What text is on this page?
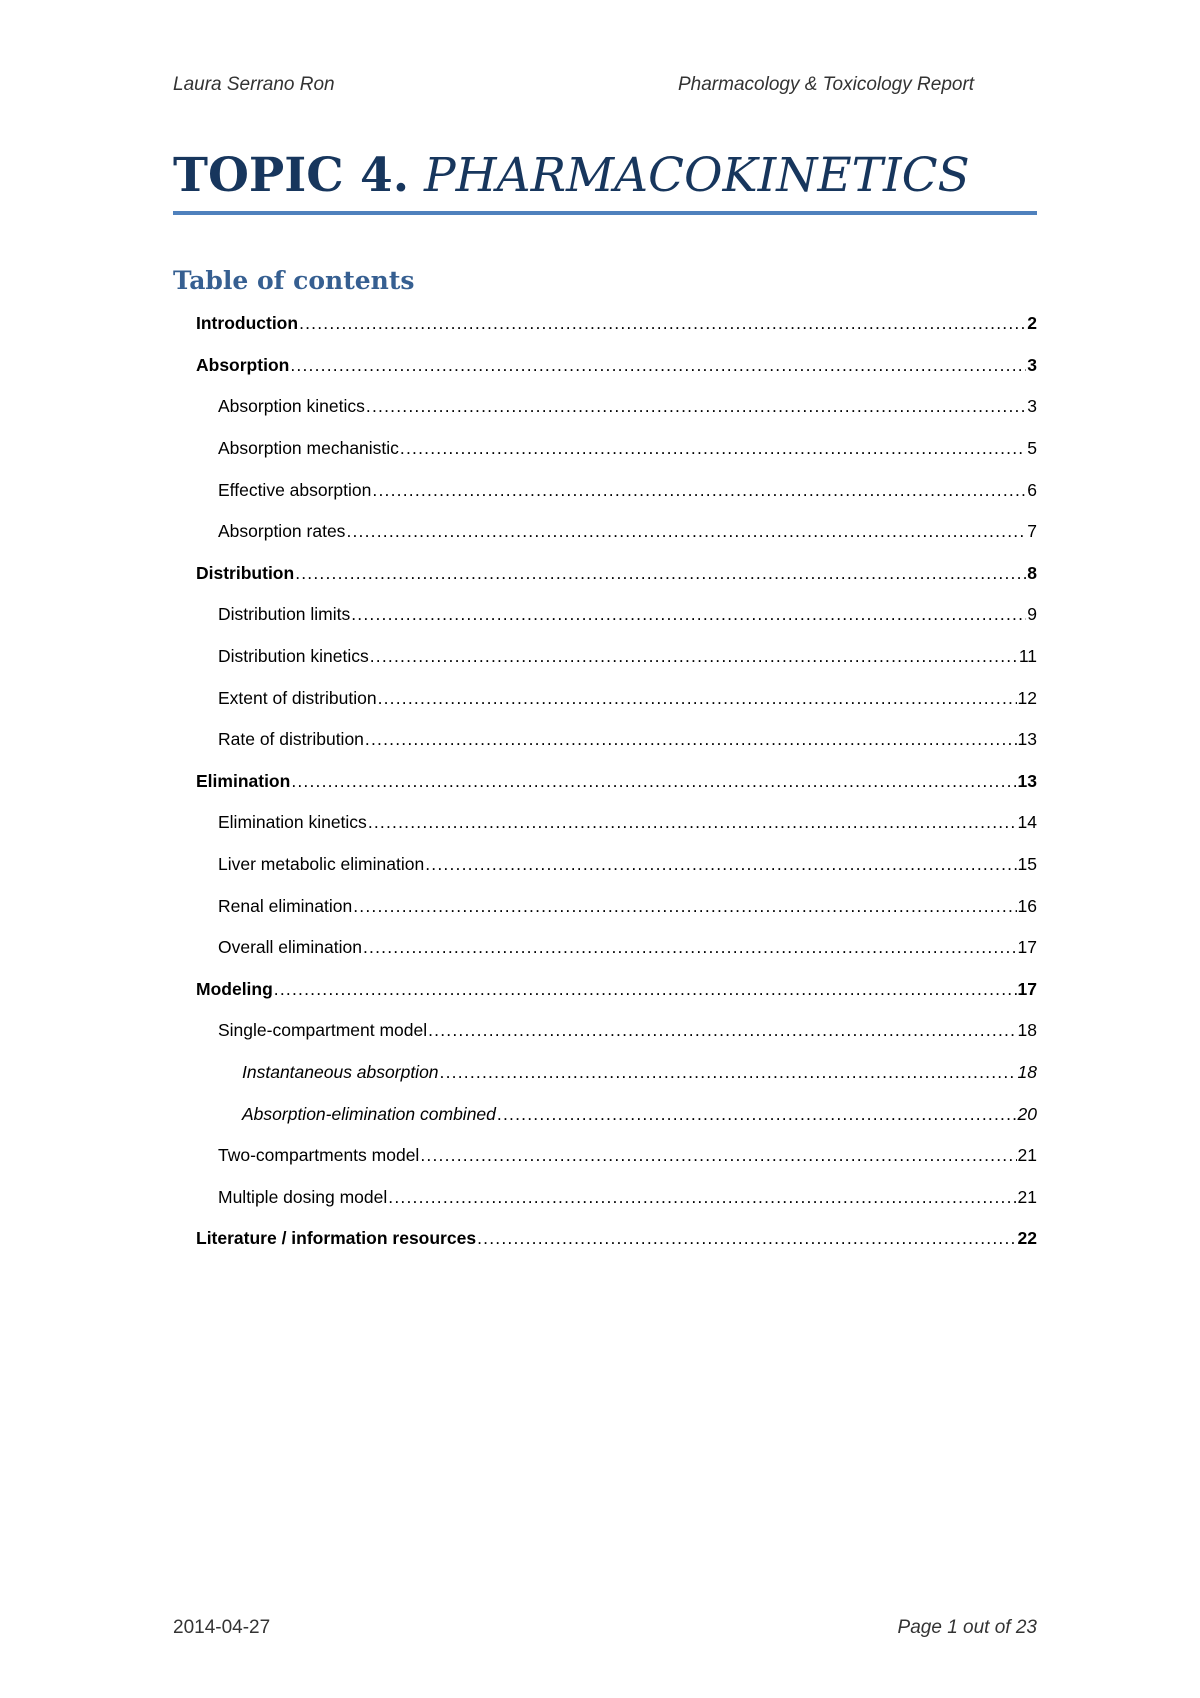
Laura Serrano Ron	Pharmacology & Toxicology Report
TOPIC 4. PHARMACOKINETICS
Table of contents
Introduction .....	2
Absorption .....	3
Absorption kinetics .....	3
Absorption mechanistic .....	5
Effective absorption .....	6
Absorption rates .....	7
Distribution .....	8
Distribution limits .....	9
Distribution kinetics .....	11
Extent of distribution .....	12
Rate of distribution .....	13
Elimination .....	13
Elimination kinetics .....	14
Liver metabolic elimination .....	15
Renal elimination .....	16
Overall elimination .....	17
Modeling .....	17
Single-compartment model .....	18
Instantaneous absorption .....	18
Absorption-elimination combined .....	20
Two-compartments model .....	21
Multiple dosing model .....	21
Literature / information resources .....	22
2014-04-27	Page 1 out of 23
